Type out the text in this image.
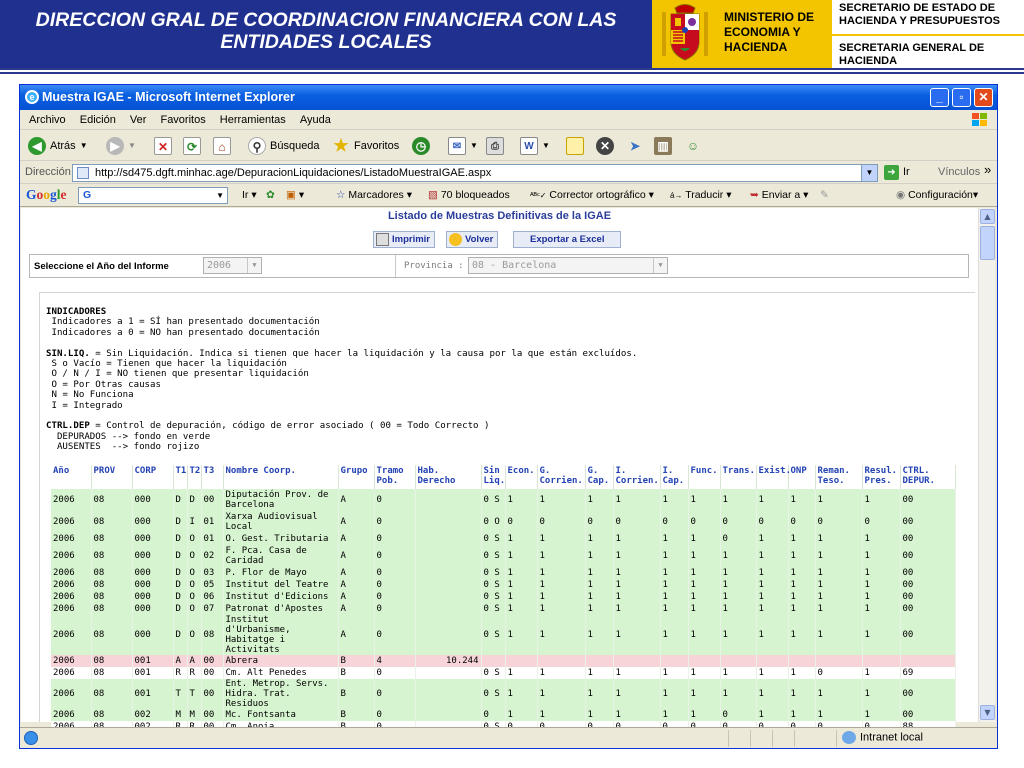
DIRECCION GRAL DE COORDINACION FINANCIERA CON LAS ENTIDADES LOCALES
MINISTERIO DE ECONOMIA Y HACIENDA
SECRETARIO DE ESTADO DE HACIENDA Y PRESUPUESTOS
SECRETARIA GENERAL DE HACIENDA
e Muestra IGAE - Microsoft Internet Explorer	_	▫	✕
Archivo Edición Ver Favoritos Herramientas Ayuda
◀ Atrás ▼	▶	▼	✕	⟳	⌂	⚲ Búsqueda ★ Favoritos	◷	✉	▼	⎙	W	▼	✕	➤	▥ ☺
Dirección	http://sd475.dgft.minhac.age/DepuracionLiquidaciones/ListadoMuestraIGAE.aspx	▼	➜ Ir	Vínculos »
Google	G	▼ Ir ▾ ✿ ▣ ▾	☆ Marcadores ▾ ▧ 70 bloqueados	ᴬᴮᶜ✓ Corrector ortográfico ▾ á→ Traducir ▾ ➥ Enviar a ▾ ✎	◉ Configuración▾
Listado de Muestras Definitivas de la IGAE
Imprimir	Volver	Exportar a Excel
Seleccione el Año del Informe	2006	▼	Provincia : 08 - Barcelona	▼
INDICADORES
Indicadores a 1 = SÍ han presentado documentación
Indicadores a 0 = NO han presentado documentación

SIN.LIQ. = Sin Liquidación. Indica si tienen que hacer la liquidación y la causa por la que están excluídos.
S o Vacío = Tienen que hacer la liquidación
O / N / I = NO tienen que presentar liquidación
O = Por Otras causas
N = No Funciona
I = Integrado

CTRL.DEP = Control de depuración, código de error asociado ( 00 = Todo Correcto )
DEPURADOS --> fondo en verde
AUSENTES  --> fondo rojizo
Año	PROV	CORP	T1	T2	T3	Nombre Coorp.	Grupo	Tramo Pob.	Hab. Derecho	Sin Liq.	Econ.	G. Corrien.	G. Cap.	I. Corrien.	I. Cap.	Func.	Trans.	Exist.	ONP	Reman. Teso.	Resul. Pres.	CTRL. DEPUR.
2006	08	000	D	D	00	Diputación Prov. de Barcelona	A	0		0 S	1	1	1	1	1	1	1	1	1	1	1	00
2006	08	000	D	I	01	Xarxa Audiovisual Local	A	0		0 O	0	0	0	0	0	0	0	0	0	0	0	00
2006	08	000	D	O	01	O. Gest. Tributaria	A	0		0 S	1	1	1	1	1	1	0	1	1	1	1	00
2006	08	000	D	O	02	F. Pca. Casa de Caridad	A	0		0 S	1	1	1	1	1	1	1	1	1	1	1	00
2006	08	000	D	O	03	P. Flor de Mayo	A	0		0 S	1	1	1	1	1	1	1	1	1	1	1	00
2006	08	000	D	O	05	Institut del Teatre	A	0		0 S	1	1	1	1	1	1	1	1	1	1	1	00
2006	08	000	D	O	06	Institut d'Edicions	A	0		0 S	1	1	1	1	1	1	1	1	1	1	1	00
2006	08	000	D	O	07	Patronat d'Apostes	A	0		0 S	1	1	1	1	1	1	1	1	1	1	1	00
2006	08	000	D	O	08	Institut d'Urbanisme, Habitatge i Activitats	A	0		0 S	1	1	1	1	1	1	1	1	1	1	1	00
2006	08	001	A	A	00	Abrera	B	4	10.244													
2006	08	001	R	R	00	Cm. Alt Penedes	B	0		0 S	1	1	1	1	1	1	1	1	1	0	1	69
2006	08	001	T	T	00	Ent. Metrop. Servs. Hidra. Trat. Residuos	B	0		0 S	1	1	1	1	1	1	1	1	1	1	1	00
2006	08	002	M	M	00	Mc. Fontsanta	B	0		0	1	1	1	1	1	1	0	1	1	1	1	00

▲
▼
Intranet local
